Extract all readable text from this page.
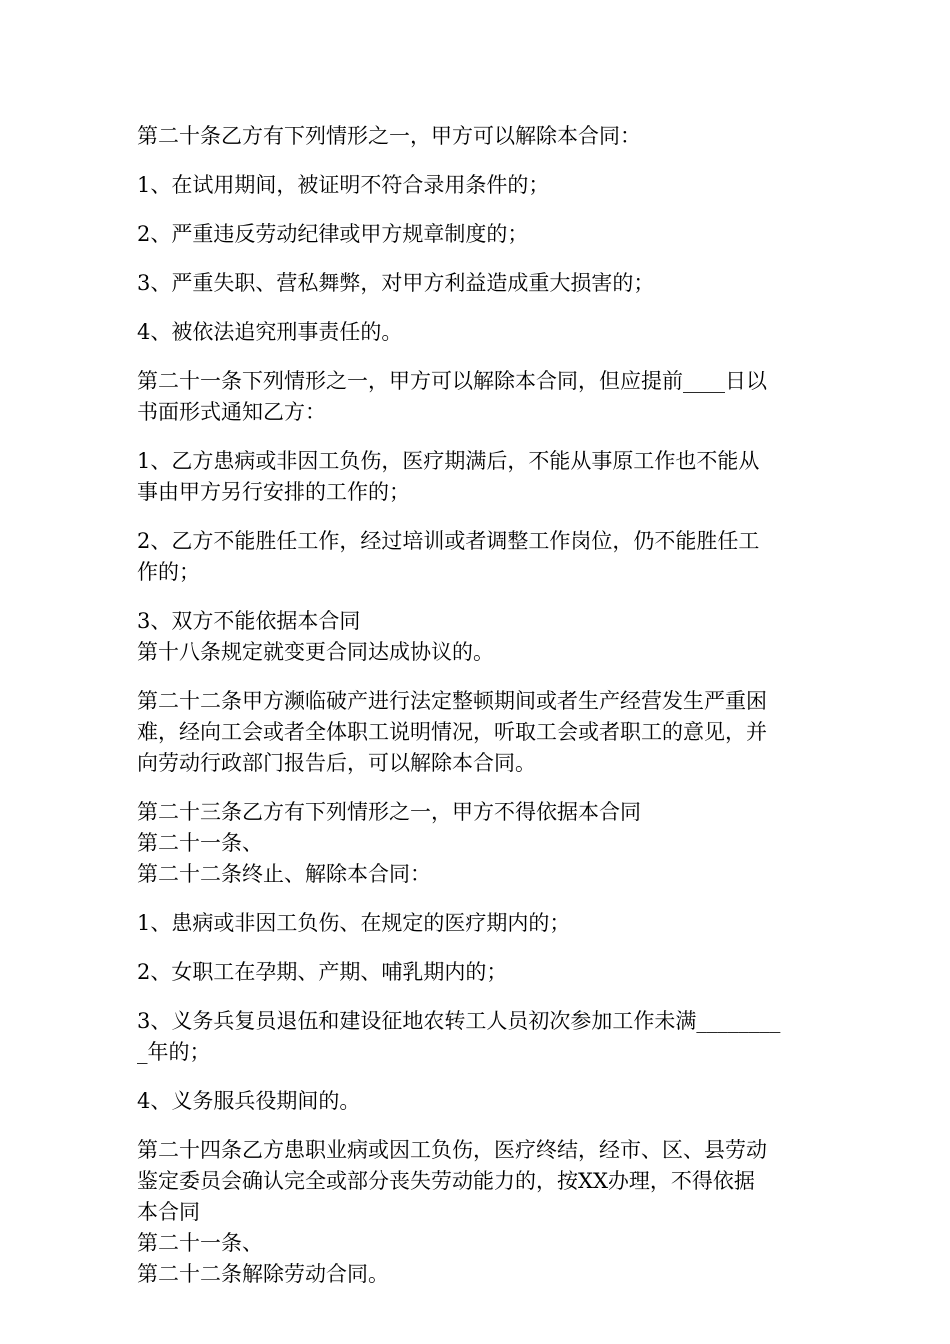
第二十条乙方有下列情形之一，甲方可以解除本合同：
1、在试用期间，被证明不符合录用条件的；
2、严重违反劳动纪律或甲方规章制度的；
3、严重失职、营私舞弊，对甲方利益造成重大损害的；
4、被依法追究刑事责任的。
第二十一条下列情形之一，甲方可以解除本合同，但应提前____日以
书面形式通知乙方：
1、乙方患病或非因工负伤，医疗期满后，不能从事原工作也不能从
事由甲方另行安排的工作的；
2、乙方不能胜任工作，经过培训或者调整工作岗位，仍不能胜任工
作的；
3、双方不能依据本合同
第十八条规定就变更合同达成协议的。
第二十二条甲方濒临破产进行法定整顿期间或者生产经营发生严重困
难，经向工会或者全体职工说明情况，听取工会或者职工的意见，并
向劳动行政部门报告后，可以解除本合同。
第二十三条乙方有下列情形之一，甲方不得依据本合同
第二十一条、
第二十二条终止、解除本合同：
1、患病或非因工负伤、在规定的医疗期内的；
2、女职工在孕期、产期、哺乳期内的；
3、义务兵复员退伍和建设征地农转工人员初次参加工作未满________
_年的；
4、义务服兵役期间的。
第二十四条乙方患职业病或因工负伤，医疗终结，经市、区、县劳动
鉴定委员会确认完全或部分丧失劳动能力的，按XX办理，不得依据
本合同
第二十一条、
第二十二条解除劳动合同。
